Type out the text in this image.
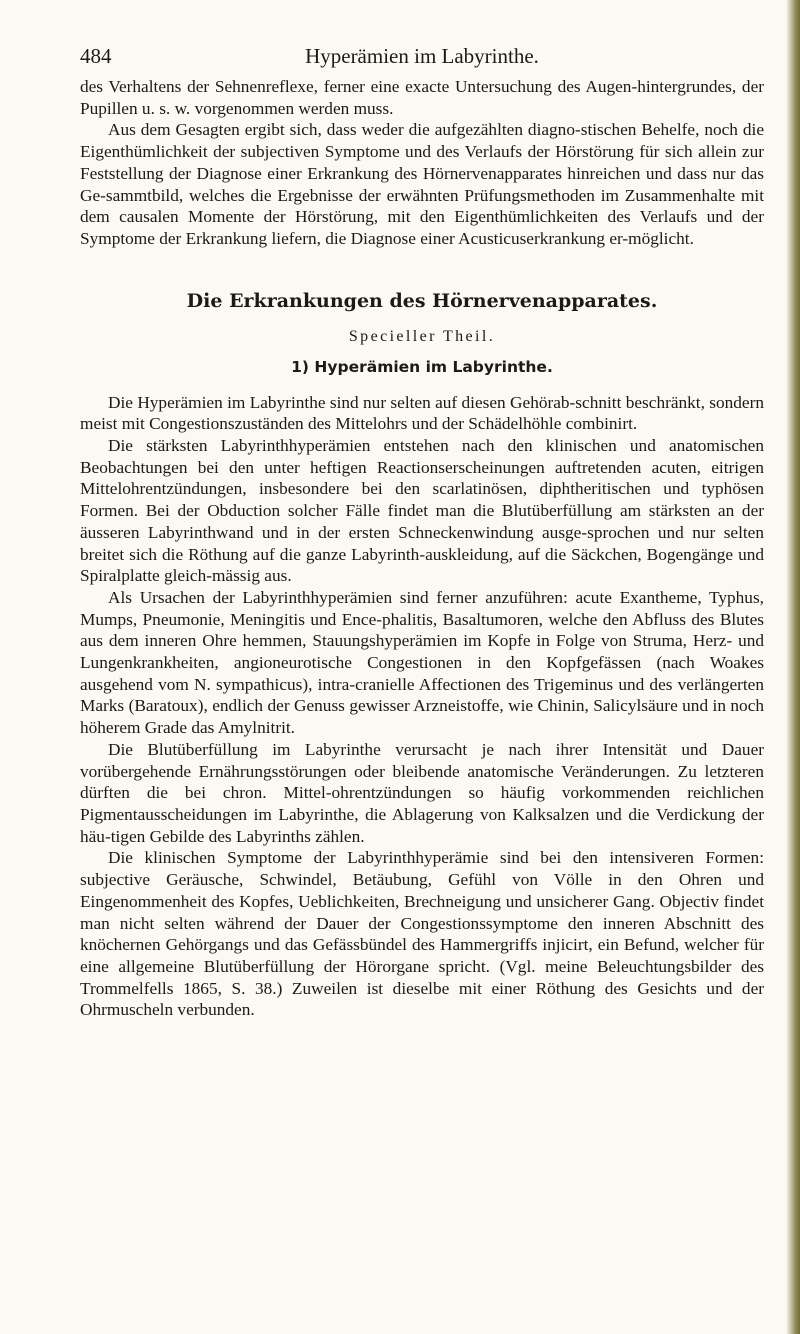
484	Hyperämien im Labyrinthe.

des Verhaltens der Sehnenreflexe, ferner eine exacte Untersuchung des Augen-hintergrundes, der Pupillen u. s. w. vorgenommen werden muss.

Aus dem Gesagten ergibt sich, dass weder die aufgezählten diagno-stischen Behelfe, noch die Eigenthümlichkeit der subjectiven Symptome und des Verlaufs der Hörstörung für sich allein zur Feststellung der Diagnose einer Erkrankung des Hörnervenapparates hinreichen und dass nur das Ge-sammtbild, welches die Ergebnisse der erwähnten Prüfungsmethoden im Zusammenhalte mit dem causalen Momente der Hörstörung, mit den Eigenthümlichkeiten des Verlaufs und der Symptome der Erkrankung liefern, die Diagnose einer Acusticuserkrankung er-möglicht.

Die Erkrankungen des Hörnervenapparates.
Specieller Theil.
1) Hyperämien im Labyrinthe.

Die Hyperämien im Labyrinthe sind nur selten auf diesen Gehörab-schnitt beschränkt, sondern meist mit Congestionszuständen des Mittelohrs und der Schädelhöhle combinirt.

Die stärksten Labyrinthhyperämien entstehen nach den klinischen und anatomischen Beobachtungen bei den unter heftigen Reactionserscheinungen auftretenden acuten, eitrigen Mittelohrentzündungen, insbesondere bei den scarlatinösen, diphtheritischen und typhösen Formen. Bei der Obduction solcher Fälle findet man die Blutüberfüllung am stärksten an der äusseren Labyrinthwand und in der ersten Schneckenwindung ausge-sprochen und nur selten breitet sich die Röthung auf die ganze Labyrinth-auskleidung, auf die Säckchen, Bogengänge und Spiralplatte gleich-mässig aus.

Als Ursachen der Labyrinthhyperämien sind ferner anzuführen: acute Exantheme, Typhus, Mumps, Pneumonie, Meningitis und Ence-phalitis, Basaltumoren, welche den Abfluss des Blutes aus dem inneren Ohre hemmen, Stauungshyperämien im Kopfe in Folge von Struma, Herz- und Lungenkrankheiten, angioneurotische Congestionen in den Kopfgefässen (nach Woakes ausgehend vom N. sympathicus), intra-cranielle Affectionen des Trigeminus und des verlängerten Marks (Baratoux), endlich der Genuss gewisser Arzneistoffe, wie Chinin, Salicylsäure und in noch höherem Grade das Amylnitrit.

Die Blutüberfüllung im Labyrinthe verursacht je nach ihrer Intensität und Dauer vorübergehende Ernährungsstörungen oder bleibende anatomische Veränderungen. Zu letzteren dürften die bei chron. Mittel-ohrentzündungen so häufig vorkommenden reichlichen Pigmentausscheidungen im Labyrinthe, die Ablagerung von Kalksalzen und die Verdickung der häu-tigen Gebilde des Labyrinths zählen.

Die klinischen Symptome der Labyrinthhyperämie sind bei den intensiveren Formen: subjective Geräusche, Schwindel, Betäubung, Gefühl von Völle in den Ohren und Eingenommenheit des Kopfes, Ueblichkeiten, Brechneigung und unsicherer Gang. Objectiv findet man nicht selten während der Dauer der Congestionssymptome den inneren Abschnitt des knöchernen Gehörgangs und das Gefässbündel des Hammergriffs injicirt, ein Befund, welcher für eine allgemeine Blutüberfüllung der Hörorgane spricht. (Vgl. meine Beleuchtungsbilder des Trommelfells 1865, S. 38.) Zuweilen ist dieselbe mit einer Röthung des Gesichts und der Ohrmuscheln verbunden.
